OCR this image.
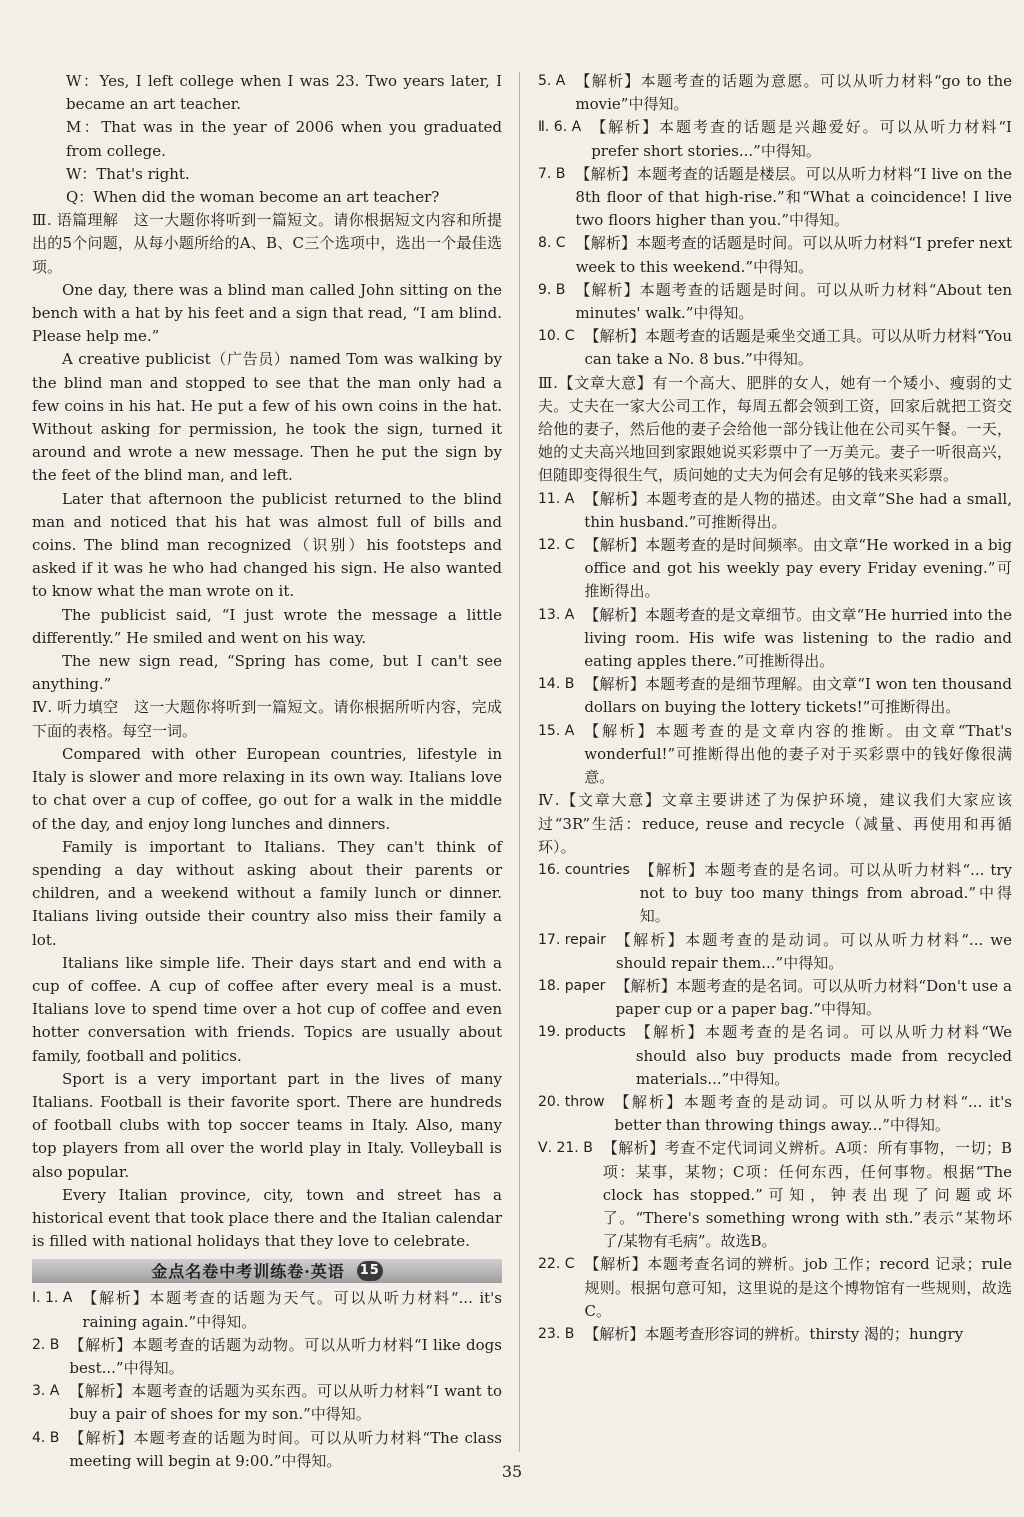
W：Yes, I left college when I was 23. Two years later, I became an art teacher.

M：That was in the year of 2006 when you graduated from college.

W：That's right.

Q：When did the woman become an art teacher?

Ⅲ. 语篇理解　这一大题你将听到一篇短文。请你根据短文内容和所提出的5个问题，从每小题所给的A、B、C三个选项中，选出一个最佳选项。

One day, there was a blind man called John sitting on the bench with a hat by his feet and a sign that read, “I am blind. Please help me.”

A creative publicist（广告员）named Tom was walking by the blind man and stopped to see that the man only had a few coins in his hat. He put a few of his own coins in the hat. Without asking for permission, he took the sign, turned it around and wrote a new message. Then he put the sign by the feet of the blind man, and left.

Later that afternoon the publicist returned to the blind man and noticed that his hat was almost full of bills and coins. The blind man recognized（识别）his footsteps and asked if it was he who had changed his sign. He also wanted to know what the man wrote on it.

The publicist said, “I just wrote the message a little differently.” He smiled and went on his way.

The new sign read, “Spring has come, but I can't see anything.”

Ⅳ. 听力填空　这一大题你将听到一篇短文。请你根据所听内容，完成下面的表格。每空一词。

Compared with other European countries, lifestyle in Italy is slower and more relaxing in its own way. Italians love to chat over a cup of coffee, go out for a walk in the middle of the day, and enjoy long lunches and dinners.

Family is important to Italians. They can't think of spending a day without asking about their parents or children, and a weekend without a family lunch or dinner. Italians living outside their country also miss their family a lot.

Italians like simple life. Their days start and end with a cup of coffee. A cup of coffee after every meal is a must. Italians love to spend time over a hot cup of coffee and even hotter conversation with friends. Topics are usually about family, football and politics.

Sport is a very important part in the lives of many Italians. Football is their favorite sport. There are hundreds of football clubs with top soccer teams in Italy. Also, many top players from all over the world play in Italy. Volleyball is also popular.

Every Italian province, city, town and street has a historical event that took place there and the Italian calendar is filled with national holidays that they love to celebrate.

金点名卷中考训练卷·英语 15
Ⅰ. 1. A 【解析】本题考查的话题为天气。可以从听力材料“... it's raining again.”中得知。
2. B 【解析】本题考查的话题为动物。可以从听力材料“I like dogs best...”中得知。
3. A 【解析】本题考查的话题为买东西。可以从听力材料“I want to buy a pair of shoes for my son.”中得知。
4. B 【解析】本题考查的话题为时间。可以从听力材料“The class meeting will begin at 9:00.”中得知。
5. A 【解析】本题考查的话题为意愿。可以从听力材料“go to the movie”中得知。
Ⅱ. 6. A 【解析】本题考查的话题是兴趣爱好。可以从听力材料“I prefer short stories...”中得知。
7. B 【解析】本题考查的话题是楼层。可以从听力材料“I live on the 8th floor of that high-rise.”和“What a coincidence! I live two floors higher than you.”中得知。
8. C 【解析】本题考查的话题是时间。可以从听力材料“I prefer next week to this weekend.”中得知。
9. B 【解析】本题考查的话题是时间。可以从听力材料“About ten minutes' walk.”中得知。
10. C 【解析】本题考查的话题是乘坐交通工具。可以从听力材料“You can take a No. 8 bus.”中得知。

Ⅲ.【文章大意】有一个高大、肥胖的女人，她有一个矮小、瘦弱的丈夫。丈夫在一家大公司工作，每周五都会领到工资，回家后就把工资交给他的妻子，然后他的妻子会给他一部分钱让他在公司买午餐。一天，她的丈夫高兴地回到家跟她说买彩票中了一万美元。妻子一听很高兴，但随即变得很生气，质问她的丈夫为何会有足够的钱来买彩票。

11. A 【解析】本题考查的是人物的描述。由文章“She had a small, thin husband.”可推断得出。
12. C 【解析】本题考查的是时间频率。由文章“He worked in a big office and got his weekly pay every Friday evening.”可推断得出。
13. A 【解析】本题考查的是文章细节。由文章“He hurried into the living room. His wife was listening to the radio and eating apples there.”可推断得出。
14. B 【解析】本题考查的是细节理解。由文章“I won ten thousand dollars on buying the lottery tickets!”可推断得出。
15. A 【解析】本题考查的是文章内容的推断。由文章“That's wonderful!”可推断得出他的妻子对于买彩票中的钱好像很满意。

Ⅳ.【文章大意】文章主要讲述了为保护环境，建议我们大家应该过“3R”生活：reduce, reuse and recycle（减量、再使用和再循环）。

16. countries 【解析】本题考查的是名词。可以从听力材料“... try not to buy too many things from abroad.”中得知。
17. repair 【解析】本题考查的是动词。可以从听力材料“... we should repair them...”中得知。
18. paper 【解析】本题考查的是名词。可以从听力材料“Don't use a paper cup or a paper bag.”中得知。
19. products 【解析】本题考查的是名词。可以从听力材料“We should also buy products made from recycled materials...”中得知。
20. throw 【解析】本题考查的是动词。可以从听力材料“... it's better than throwing things away...”中得知。
Ⅴ. 21. B 【解析】考查不定代词词义辨析。A项：所有事物，一切；B项：某事，某物；C项：任何东西，任何事物。根据“The clock has stopped.”可知，钟表出现了问题或坏了。“There's something wrong with sth.”表示“某物坏了/某物有毛病”。故选B。
22. C 【解析】本题考查名词的辨析。job 工作；record 记录；rule 规则。根据句意可知，这里说的是这个博物馆有一些规则，故选C。
23. B 【解析】本题考查形容词的辨析。thirsty 渴的；hungry
35
